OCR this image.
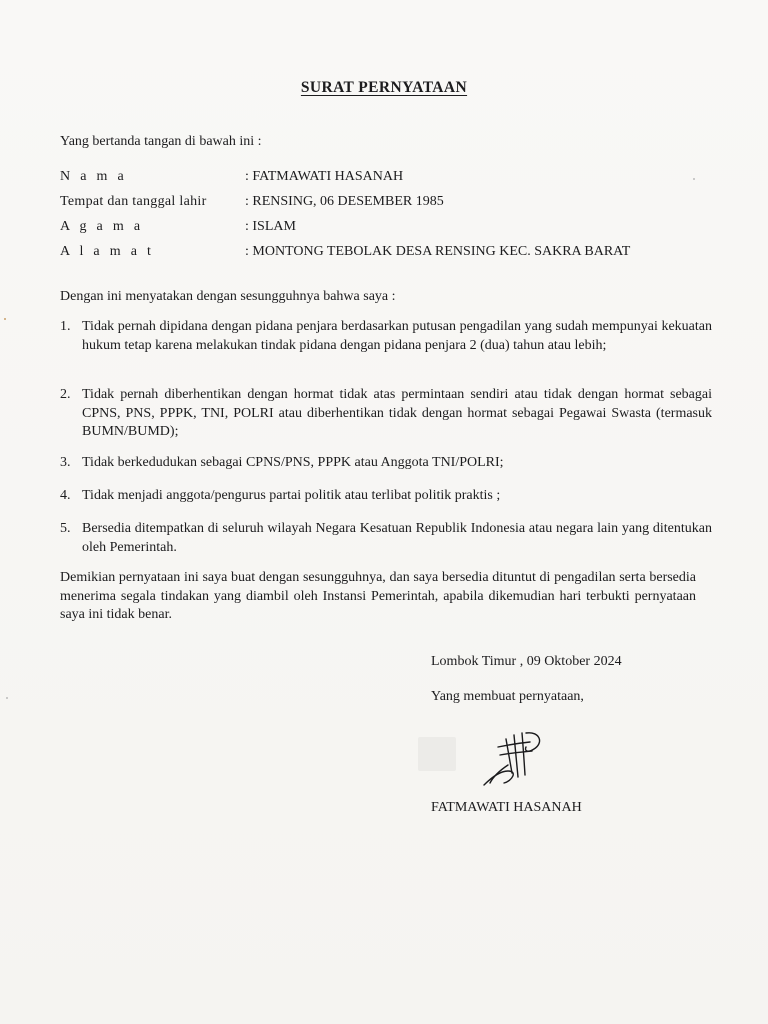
SURAT PERNYATAAN
Yang bertanda tangan di bawah ini :
N a m a	: FATMAWATI HASANAH
Tempat dan tanggal lahir	: RENSING, 06 DESEMBER 1985
A g a m a	: ISLAM
A l a m a t	: MONTONG TEBOLAK DESA RENSING KEC. SAKRA BARAT
Dengan ini menyatakan dengan sesungguhnya bahwa saya :
1. Tidak pernah dipidana dengan pidana penjara berdasarkan putusan pengadilan yang sudah mempunyai kekuatan hukum tetap karena melakukan tindak pidana dengan pidana penjara 2 (dua) tahun atau lebih;
2. Tidak pernah diberhentikan dengan hormat tidak atas permintaan sendiri atau tidak dengan hormat sebagai CPNS, PNS, PPPK, TNI, POLRI atau diberhentikan tidak dengan hormat sebagai Pegawai Swasta (termasuk BUMN/BUMD);
3. Tidak berkedudukan sebagai CPNS/PNS, PPPK atau Anggota TNI/POLRI;
4. Tidak menjadi anggota/pengurus partai politik atau terlibat politik praktis ;
5. Bersedia ditempatkan di seluruh wilayah Negara Kesatuan Republik Indonesia atau negara lain yang ditentukan oleh Pemerintah.
Demikian pernyataan ini saya buat dengan sesungguhnya, dan saya bersedia dituntut di pengadilan serta bersedia menerima segala tindakan yang diambil oleh Instansi Pemerintah, apabila dikemudian hari terbukti pernyataan saya ini tidak benar.
Lombok Timur , 09 Oktober 2024
Yang membuat pernyataan,
FATMAWATI HASANAH
